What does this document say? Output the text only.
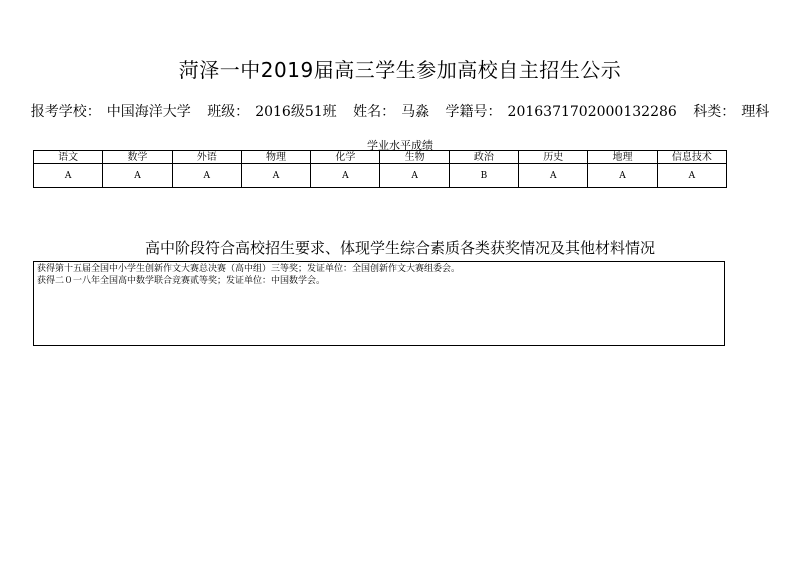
菏泽一中2019届高三学生参加高校自主招生公示
报考学校： 中国海洋大学 班级： 2016级51班 姓名： 马淼 学籍号： 2016371702000132286 科类： 理科
学业水平成绩
语文	数学	外语	物理	化学	生物	政治	历史	地理	信息技术
A	A	A	A	A	A	B	A	A	A
高中阶段符合高校招生要求、体现学生综合素质各类获奖情况及其他材料情况
获得第十五届全国中小学生创新作文大赛总决赛（高中组）三等奖；发证单位：全国创新作文大赛组委会。
获得二０一八年全国高中数学联合竞赛贰等奖；发证单位：中国数学会。
